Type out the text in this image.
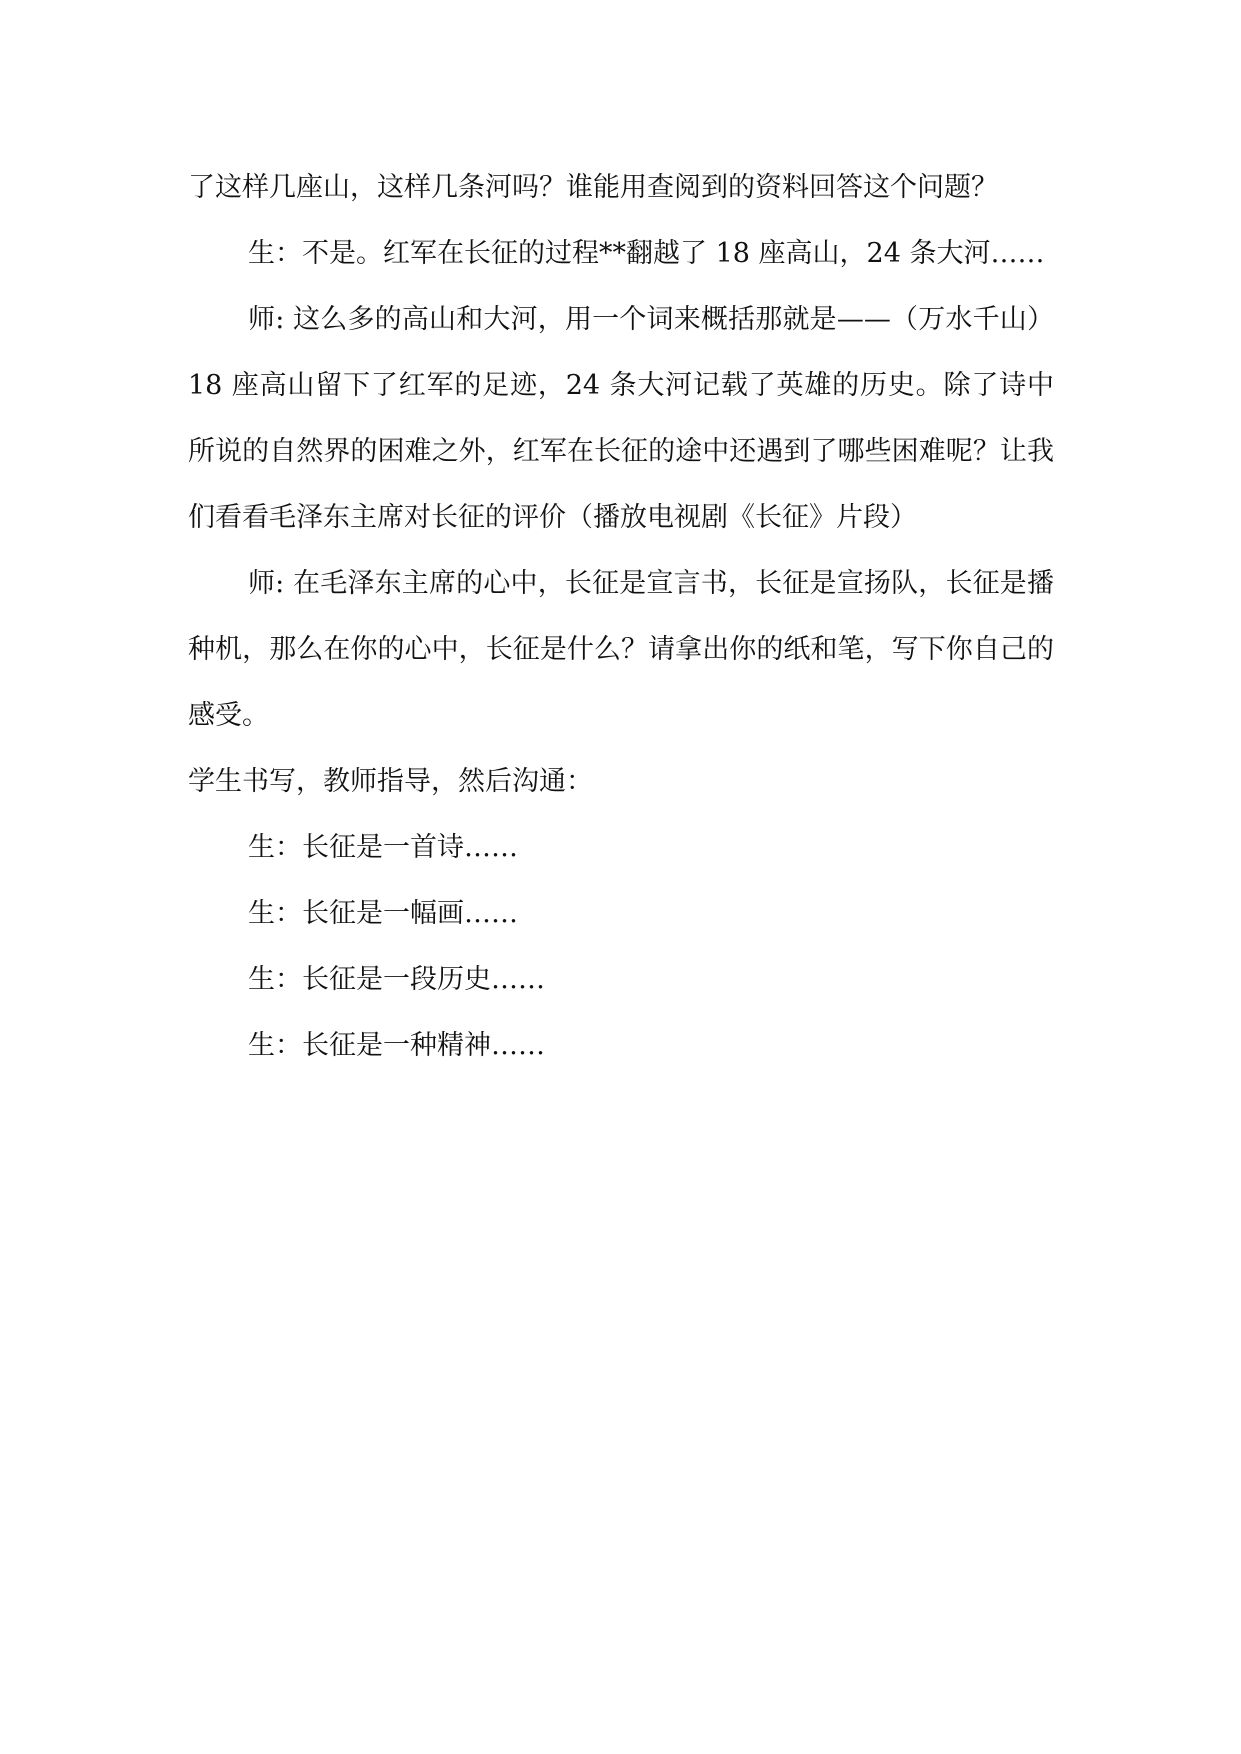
了这样几座山，这样几条河吗？谁能用查阅到的资料回答这个问题？

生：不是。红军在长征的过程**翻越了 18 座高山，24 条大河……

师: 这么多的高山和大河，用一个词来概括那就是——（万水千山）18 座高山留下了红军的足迹，24 条大河记载了英雄的历史。除了诗中所说的自然界的困难之外，红军在长征的途中还遇到了哪些困难呢？让我们看看毛泽东主席对长征的评价（播放电视剧《长征》片段）

师: 在毛泽东主席的心中，长征是宣言书，长征是宣扬队，长征是播种机，那么在你的心中，长征是什么？请拿出你的纸和笔，写下你自己的感受。

学生书写，教师指导，然后沟通：

生：长征是一首诗……

生：长征是一幅画……

生：长征是一段历史……

生：长征是一种精神……
